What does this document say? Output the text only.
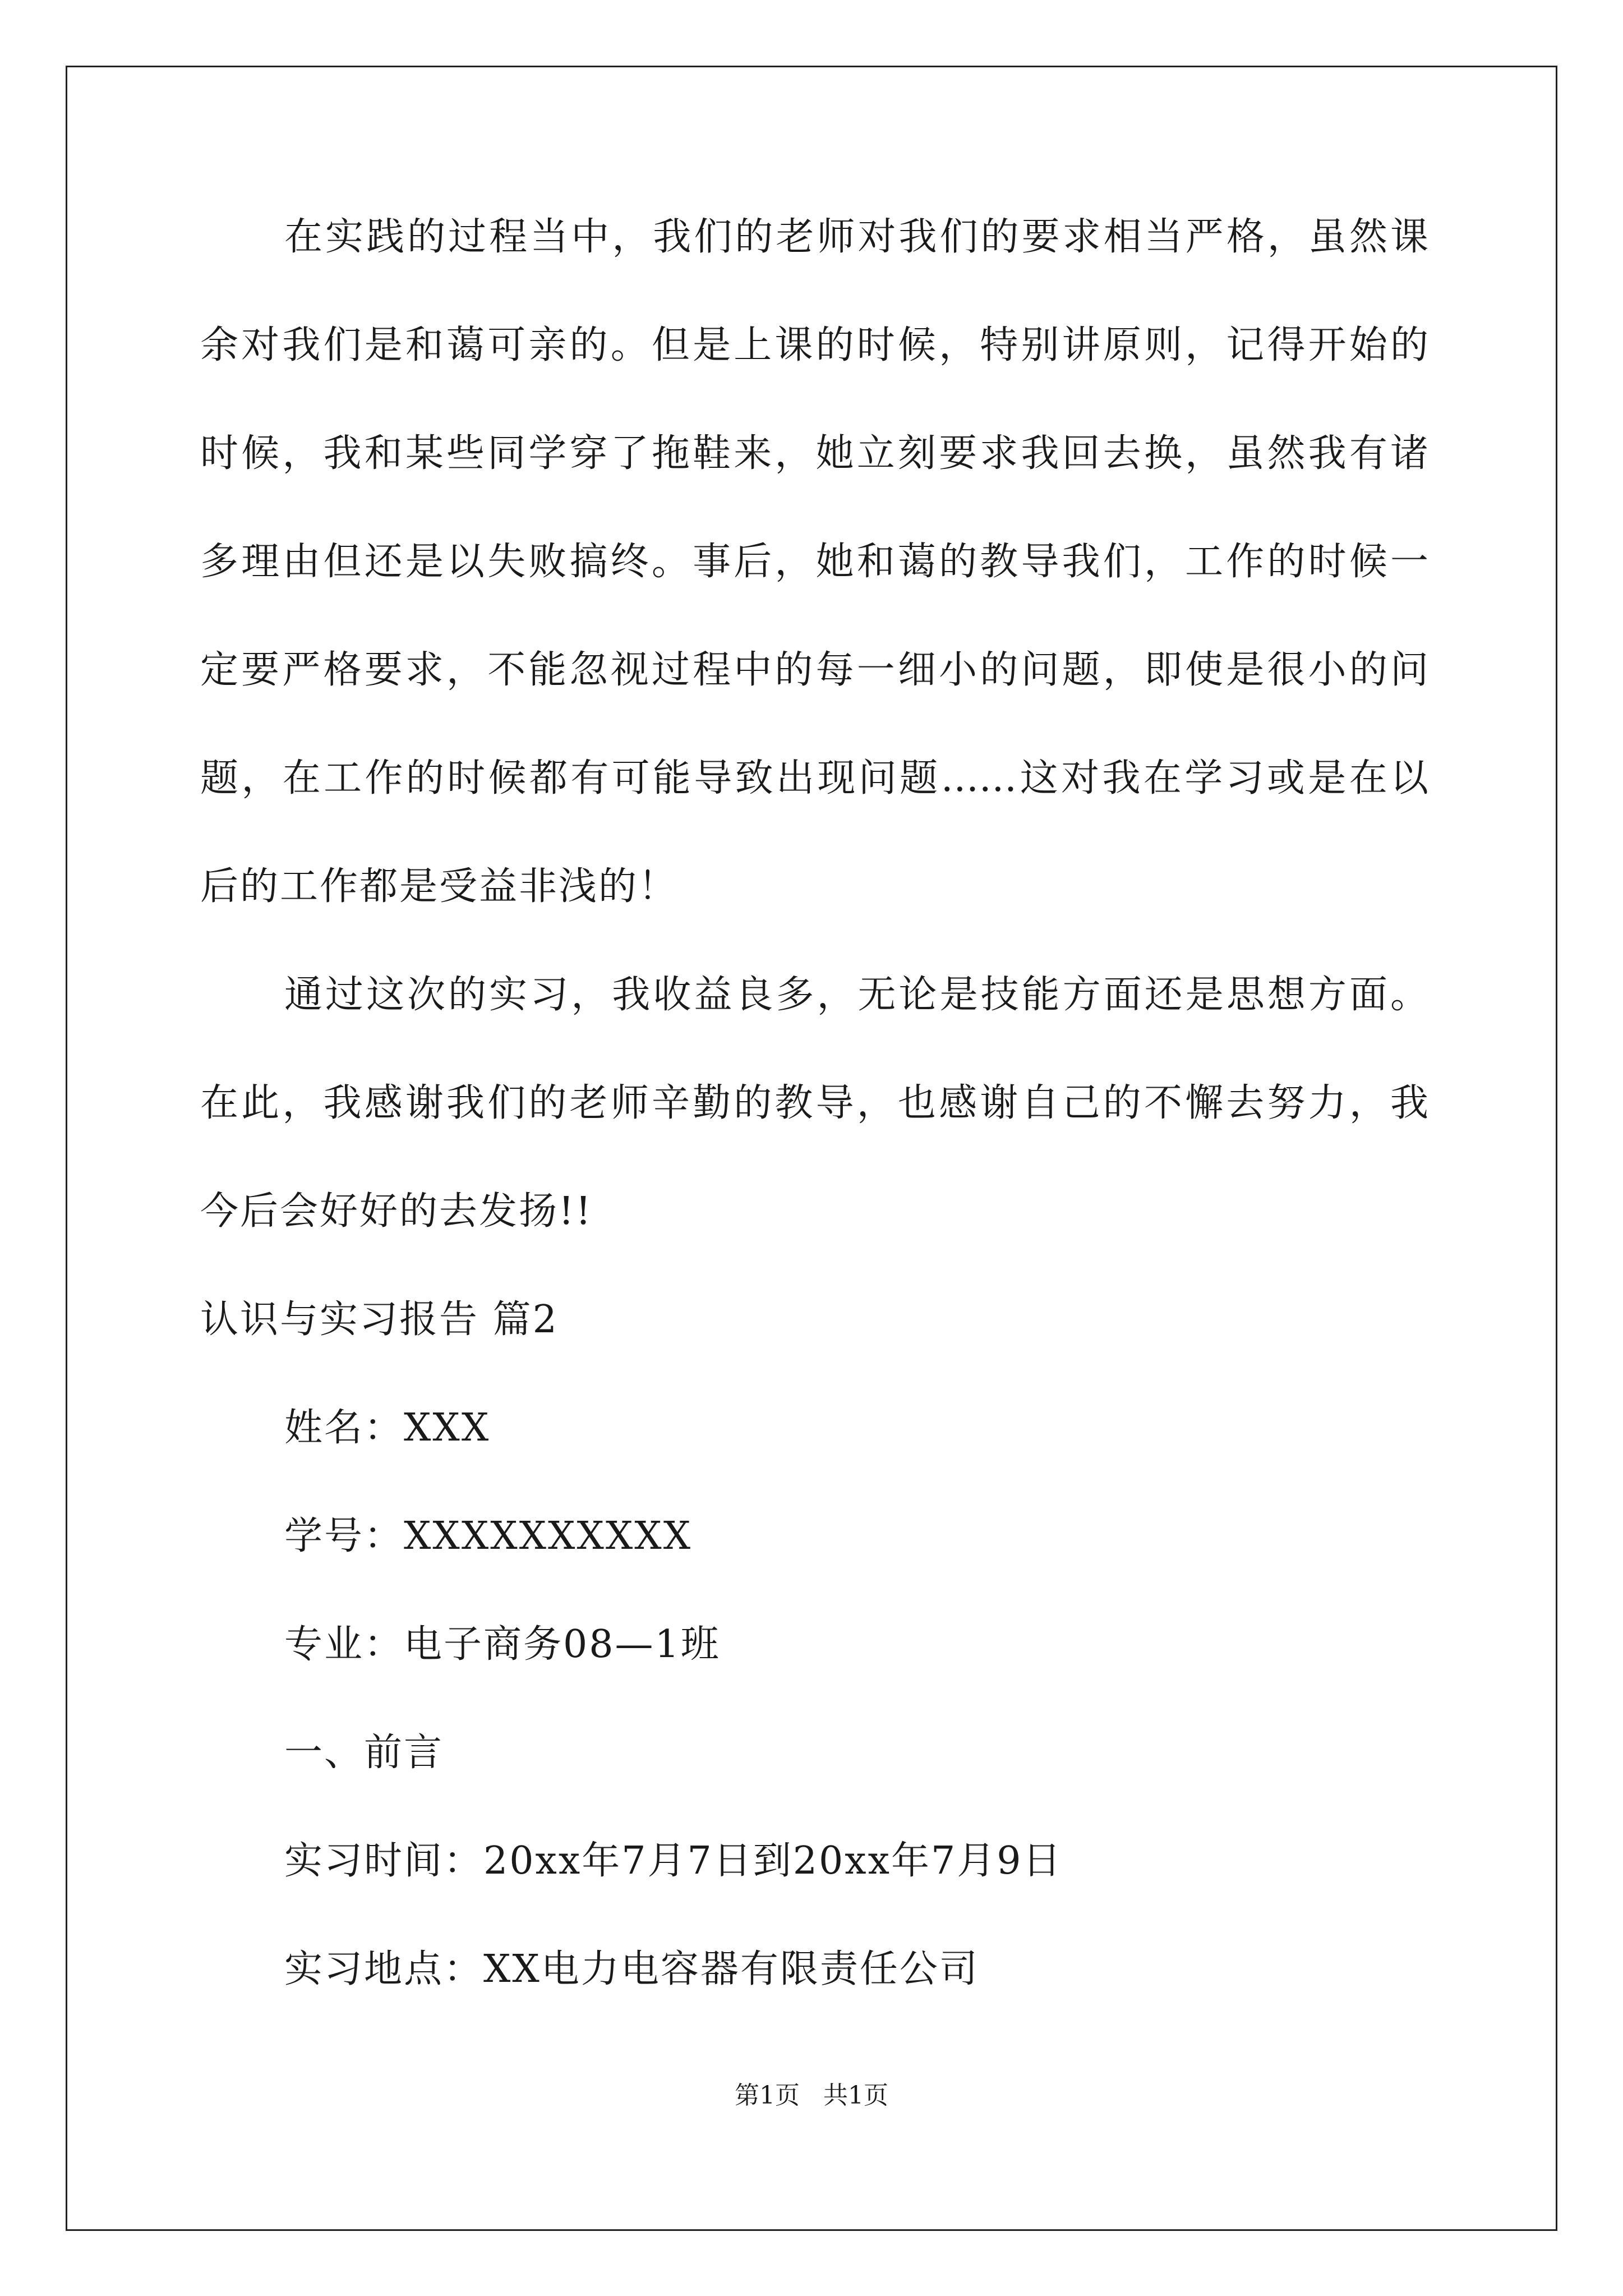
在实践的过程当中，我们的老师对我们的要求相当严格，虽然课
余对我们是和蔼可亲的。但是上课的时候，特别讲原则，记得开始的
时候，我和某些同学穿了拖鞋来，她立刻要求我回去换，虽然我有诸
多理由但还是以失败搞终。事后，她和蔼的教导我们，工作的时候一
定要严格要求，不能忽视过程中的每一细小的问题，即使是很小的问
题，在工作的时候都有可能导致出现问题……这对我在学习或是在以
后的工作都是受益非浅的！
通过这次的实习，我收益良多，无论是技能方面还是思想方面。
在此，我感谢我们的老师辛勤的教导，也感谢自己的不懈去努力，我
今后会好好的去发扬!!
认识与实习报告 篇2
姓名：XXX
学号：XXXXXXXXXX
专业：电子商务08—1班
一、前言
实习时间：20xx年7月7日到20xx年7月9日
实习地点：XX电力电容器有限责任公司
第1页   共1页
